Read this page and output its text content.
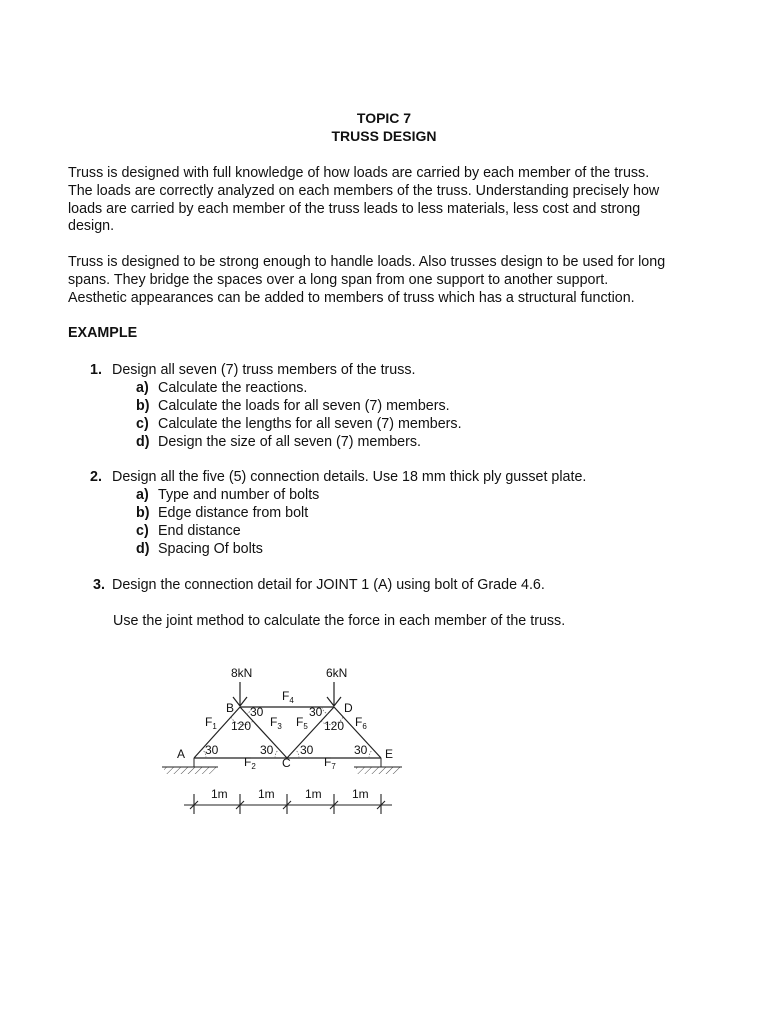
TOPIC 7
TRUSS DESIGN
Truss is designed with full knowledge of how loads are carried by each member of the truss.
The loads are correctly analyzed on each members of the truss. Understanding precisely how
loads are carried by each member of the truss leads to less materials, less cost and strong
design.
Truss is designed to be strong enough to handle loads. Also trusses design to be used for long
spans. They bridge the spaces over a long span from one support to another support.
Aesthetic appearances can be added to members of truss which has a structural function.
EXAMPLE
1. Design all seven (7) truss members of the truss.
a) Calculate the reactions.
b) Calculate the loads for all seven (7) members.
c) Calculate the lengths for all seven (7) members.
d) Design the size of all seven (7) members.
2. Design all the five (5) connection details. Use 18 mm thick ply gusset plate.
a) Type and number of bolts
b) Edge distance from bolt
c) End distance
d) Spacing Of bolts
3. Design the connection detail for JOINT 1 (A) using bolt of Grade 4.6.
Use the joint method to calculate the force in each member of the truss.
8kN	6kN
A
B
C
D
E
30
30
120	120
30 30
30
30
$F_1$
$F_2$
$F_3$
$F_4$
$F_5$	$F_6$
$F_7$
1m	1m	1m	1m
